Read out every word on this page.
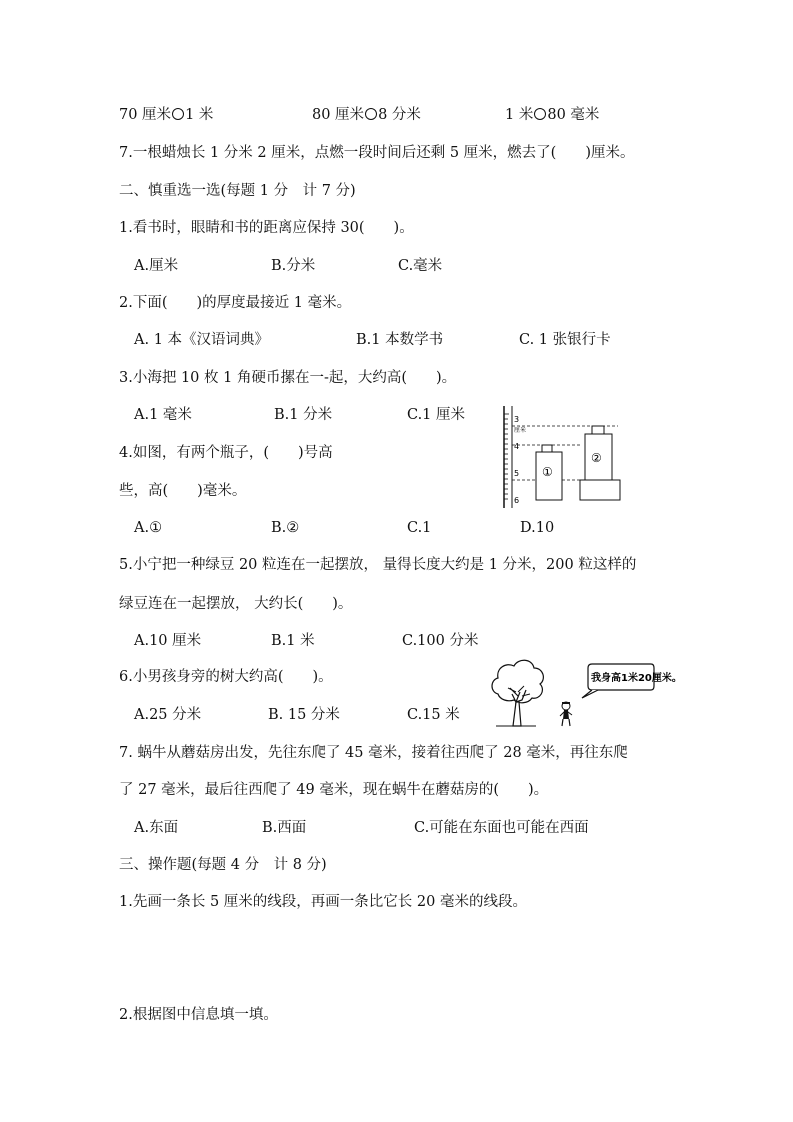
70 厘米 1 米	80 厘米 8 分米	1 米 80 毫米
7.一根蜡烛长 1 分米 2 厘米，点燃一段时间后还剩 5 厘米，燃去了(　　)厘米。
二、慎重选一选(每题 1 分　计 7 分)
1.看书时，眼睛和书的距离应保持 30(　　)。
A.厘米	B.分米	C.毫米
2.下面(　　)的厚度最接近 1 毫米。
A. 1 本《汉语词典》	B.1 本数学书	C. 1 张银行卡
3.小海把 10 枚 1 角硬币摞在一-起，大约高(　　)。
A.1 毫米	B.1 分米	C.1 厘米
4.如图，有两个瓶子，(　　)号高
些，高(　　)毫米。
A.①	B.②	C.1	D.10
3
4
5
6
厘米
①
②
5.小宁把一种绿豆 20 粒连在一起摆放， 量得长度大约是 1 分米，200 粒这样的
绿豆连在一起摆放， 大约长(　　)。
A.10 厘米	B.1 米	C.100 分米
6.小男孩身旁的树大约高(　　)。
A.25 分米	B. 15 分米	C.15 米
我身高1米20厘米。
7. 蜗牛从蘑菇房出发，先往东爬了 45 毫米，接着往西爬了 28 毫米，再往东爬
了 27 毫米，最后往西爬了 49 毫米，现在蜗牛在蘑菇房的(　　)。
A.东面	B.西面	C.可能在东面也可能在西面
三、操作题(每题 4 分　计 8 分)
1.先画一条长 5 厘米的线段，再画一条比它长 20 毫米的线段。
2.根据图中信息填一填。
